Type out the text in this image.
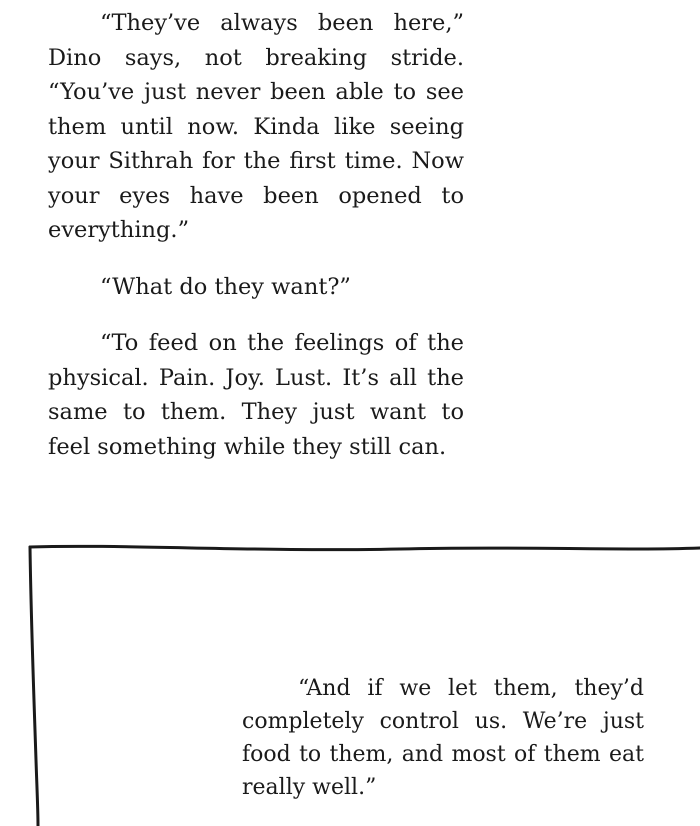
“They’ve always been here,” Dino says, not breaking stride. “You’ve just never been able to see them until now. Kinda like seeing your Sithrah for the first time. Now your eyes have been opened to everything.”

“What do they want?”

“To feed on the feelings of the physical. Pain. Joy. Lust. It’s all the same to them. They just want to feel something while they still can.

“And if we let them, they’d completely control us. We’re just food to them, and most of them eat really well.”
